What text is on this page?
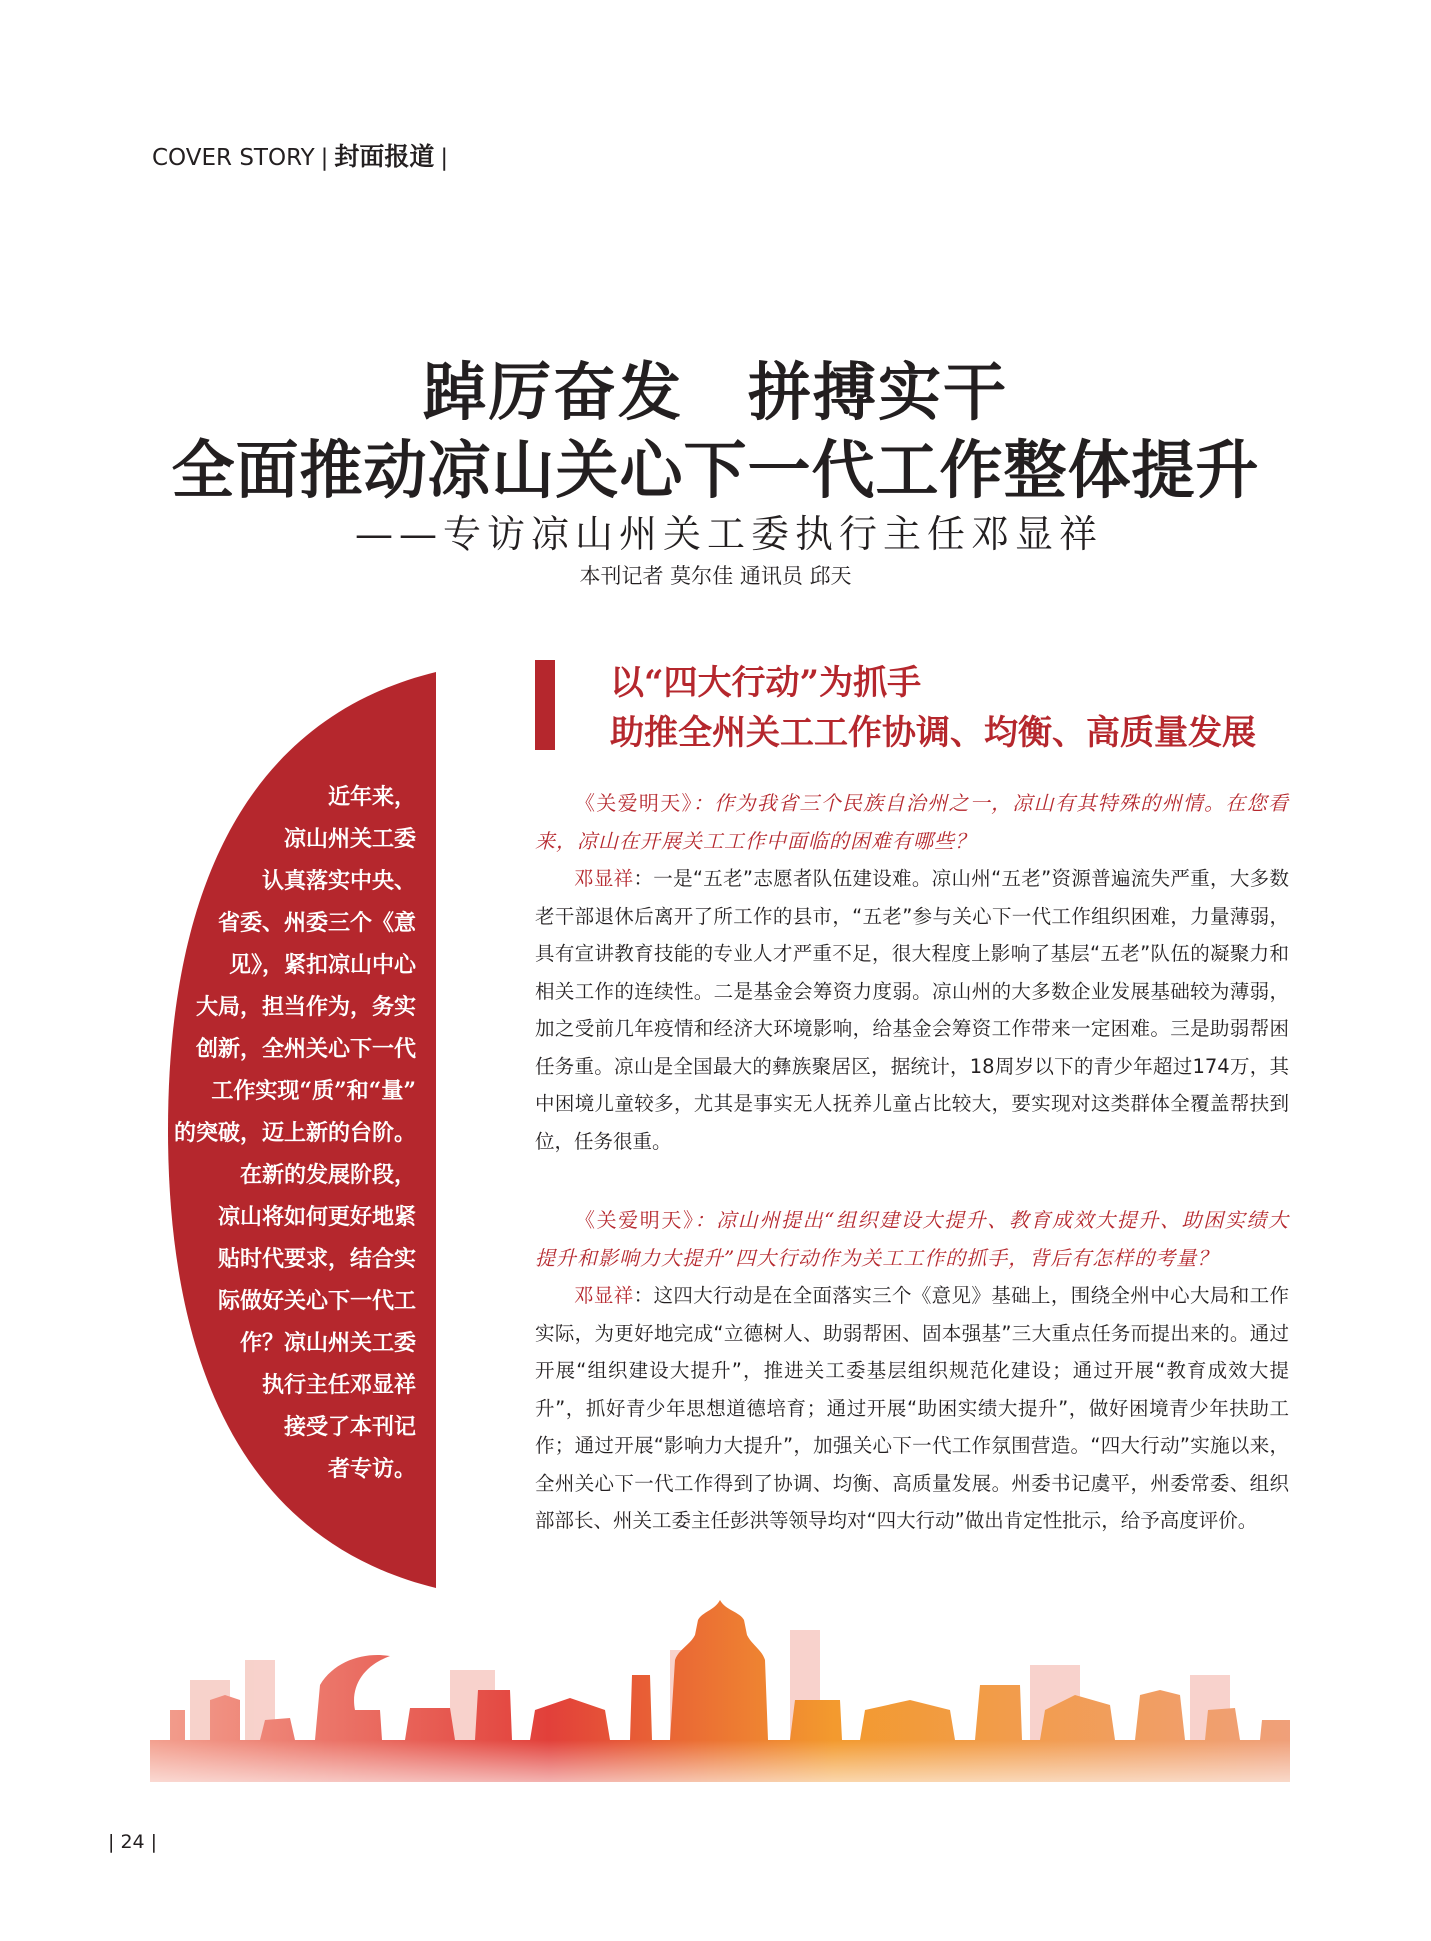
COVER STORY | 封面报道 |
踔厉奋发　拼搏实干
全面推动凉山关心下一代工作整体提升
——专访凉山州关工委执行主任邓显祥
本刊记者 莫尔佳 通讯员 邱天
近年来，
凉山州关工委
认真落实中央、
省委、州委三个《意
见》，紧扣凉山中心
大局，担当作为，务实
创新，全州关心下一代
工作实现“质”和“量”
的突破，迈上新的台阶。
在新的发展阶段，
凉山将如何更好地紧
贴时代要求，结合实
际做好关心下一代工
作？凉山州关工委
执行主任邓显祥
接受了本刊记
者专访。
以“四大行动”为抓手
助推全州关工工作协调、均衡、高质量发展

《关爱明天》：作为我省三个民族自治州之一，凉山有其特殊的州情。在您看来，凉山在开展关工工作中面临的困难有哪些？

邓显祥：一是“五老”志愿者队伍建设难。凉山州“五老”资源普遍流失严重，大多数老干部退休后离开了所工作的县市，“五老”参与关心下一代工作组织困难，力量薄弱，具有宣讲教育技能的专业人才严重不足，很大程度上影响了基层“五老”队伍的凝聚力和相关工作的连续性。二是基金会筹资力度弱。凉山州的大多数企业发展基础较为薄弱，加之受前几年疫情和经济大环境影响，给基金会筹资工作带来一定困难。三是助弱帮困任务重。凉山是全国最大的彝族聚居区，据统计，18周岁以下的青少年超过174万，其中困境儿童较多，尤其是事实无人抚养儿童占比较大，要实现对这类群体全覆盖帮扶到位，任务很重。

《关爱明天》：凉山州提出“组织建设大提升、教育成效大提升、助困实绩大提升和影响力大提升”四大行动作为关工工作的抓手，背后有怎样的考量？

邓显祥：这四大行动是在全面落实三个《意见》基础上，围绕全州中心大局和工作实际，为更好地完成“立德树人、助弱帮困、固本强基”三大重点任务而提出来的。通过开展“组织建设大提升”，推进关工委基层组织规范化建设；通过开展“教育成效大提升”，抓好青少年思想道德培育；通过开展“助困实绩大提升”，做好困境青少年扶助工作；通过开展“影响力大提升”，加强关心下一代工作氛围营造。“四大行动”实施以来，全州关心下一代工作得到了协调、均衡、高质量发展。州委书记虞平，州委常委、组织部部长、州关工委主任彭洪等领导均对“四大行动”做出肯定性批示，给予高度评价。

| 24 |
